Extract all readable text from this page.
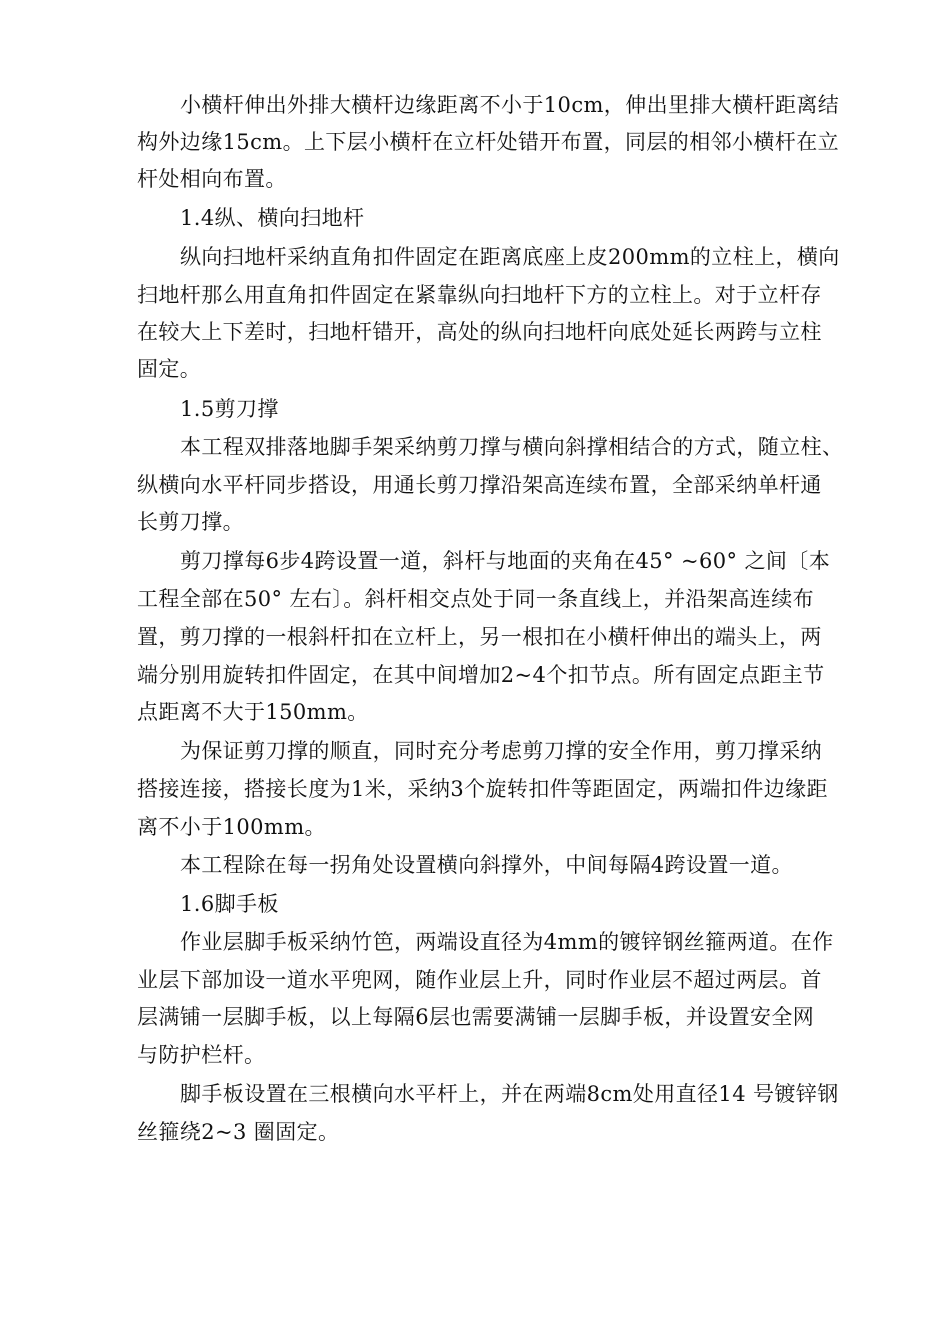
小横杆伸出外排大横杆边缘距离不小于10cm，伸出里排大横杆距离结
构外边缘15cm。上下层小横杆在立杆处错开布置，同层的相邻小横杆在立
杆处相向布置。
1.4纵、横向扫地杆
纵向扫地杆采纳直角扣件固定在距离底座上皮200mm的立柱上，横向
扫地杆那么用直角扣件固定在紧靠纵向扫地杆下方的立柱上。对于立杆存
在较大上下差时，扫地杆错开，高处的纵向扫地杆向底处延长两跨与立柱
固定。
1.5剪刀撑
本工程双排落地脚手架采纳剪刀撑与横向斜撑相结合的方式，随立柱、
纵横向水平杆同步搭设，用通长剪刀撑沿架高连续布置，全部采纳单杆通
长剪刀撑。
剪刀撑每6步4跨设置一道，斜杆与地面的夹角在45° ~60° 之间〔本
工程全部在50° 左右〕。斜杆相交点处于同一条直线上，并沿架高连续布
置，剪刀撑的一根斜杆扣在立杆上，另一根扣在小横杆伸出的端头上，两
端分别用旋转扣件固定，在其中间增加2~4个扣节点。所有固定点距主节
点距离不大于150mm。
为保证剪刀撑的顺直，同时充分考虑剪刀撑的安全作用，剪刀撑采纳
搭接连接，搭接长度为1米，采纳3个旋转扣件等距固定，两端扣件边缘距
离不小于100mm。
本工程除在每一拐角处设置横向斜撑外，中间每隔4跨设置一道。
1.6脚手板
作业层脚手板采纳竹笆，两端设直径为4mm的镀锌钢丝箍两道。在作
业层下部加设一道水平兜网，随作业层上升，同时作业层不超过两层。首
层满铺一层脚手板，以上每隔6层也需要满铺一层脚手板，并设置安全网
与防护栏杆。
脚手板设置在三根横向水平杆上，并在两端8cm处用直径14 号镀锌钢
丝箍绕2~3 圈固定。
